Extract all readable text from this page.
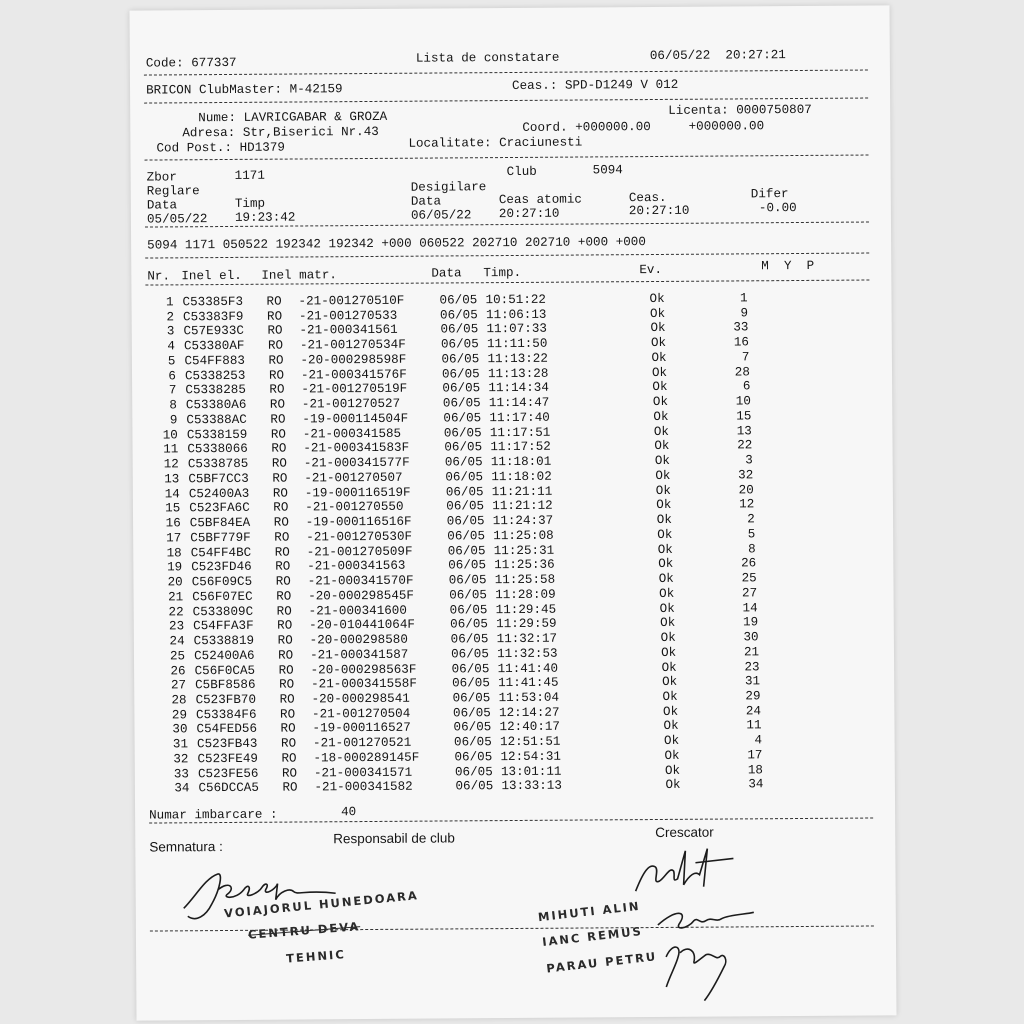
Code: 677337	Lista de constatare	06/05/22  20:27:21
BRICON ClubMaster: M-42159	Ceas.: SPD-D1249 V 012
Nume: LAVRICGABAR & GROZA	Licenta: 0000750807
Adresa: Str,Biserici Nr.43	Coord. +000000.00     +000000.00
Cod Post.: HD1379	Localitate: Craciunesti
Zbor	1171	Club	5094
Reglare	Desigilare
Data	Timp	Data	Ceas atomic	Ceas.	Difer
05/05/22 19:23:42	06/05/22 20:27:10	20:27:10	-0.00
5094 1171 050522 192342 192342 +000 060522 202710 202710 +000 +000
Nr. Inel el. Inel matr.	Data Timp.	Ev.	M  Y  P
1 C53385F3 RO -21-001270510F	06/05 10:51:22	Ok	1
2 C53383F9 RO -21-001270533	06/05 11:06:13	Ok	9
3 C57E933C RO -21-000341561	06/05 11:07:33	Ok	33
4 C53380AF RO -21-001270534F	06/05 11:11:50	Ok	16
5 C54FF883 RO -20-000298598F	06/05 11:13:22	Ok	7
6 C5338253 RO -21-000341576F	06/05 11:13:28	Ok	28
7 C5338285 RO -21-001270519F	06/05 11:14:34	Ok	6
8 C53380A6 RO -21-001270527	06/05 11:14:47	Ok	10
9 C53388AC RO -19-000114504F	06/05 11:17:40	Ok	15
10 C5338159 RO -21-000341585	06/05 11:17:51	Ok	13
11 C5338066 RO -21-000341583F	06/05 11:17:52	Ok	22
12 C5338785 RO -21-000341577F	06/05 11:18:01	Ok	3
13 C5BF7CC3 RO -21-001270507	06/05 11:18:02	Ok	32
14 C52400A3 RO -19-000116519F	06/05 11:21:11	Ok	20
15 C523FA6C RO -21-001270550	06/05 11:21:12	Ok	12
16 C5BF84EA RO -19-000116516F	06/05 11:24:37	Ok	2
17 C5BF779F RO -21-001270530F	06/05 11:25:08	Ok	5
18 C54FF4BC RO -21-001270509F	06/05 11:25:31	Ok	8
19 C523FD46 RO -21-000341563	06/05 11:25:36	Ok	26
20 C56F09C5 RO -21-000341570F	06/05 11:25:58	Ok	25
21 C56F07EC RO -20-000298545F	06/05 11:28:09	Ok	27
22 C533809C RO -21-000341600	06/05 11:29:45	Ok	14
23 C54FFA3F RO -20-010441064F	06/05 11:29:59	Ok	19
24 C5338819 RO -20-000298580	06/05 11:32:17	Ok	30
25 C52400A6 RO -21-000341587	06/05 11:32:53	Ok	21
26 C56F0CA5 RO -20-000298563F	06/05 11:41:40	Ok	23
27 C5BF8586 RO -21-000341558F	06/05 11:41:45	Ok	31
28 C523FB70 RO -20-000298541	06/05 11:53:04	Ok	29
29 C53384F6 RO -21-001270504	06/05 12:14:27	Ok	24
30 C54FED56 RO -19-000116527	06/05 12:40:17	Ok	11
31 C523FB43 RO -21-001270521	06/05 12:51:51	Ok	4
32 C523FE49 RO -18-000289145F	06/05 12:54:31	Ok	17
33 C523FE56 RO -21-000341571	06/05 13:01:11	Ok	18
34 C56DCCA5 RO -21-000341582	06/05 13:33:13	Ok	34
Numar imbarcare :	40
Semnatura :
Responsabil de club	Crescator
VOIAJORUL HUNEDOARA
CENTRU DEVA
TEHNIC
MIHUTI ALIN
IANC REMUS
PARAU PETRU
